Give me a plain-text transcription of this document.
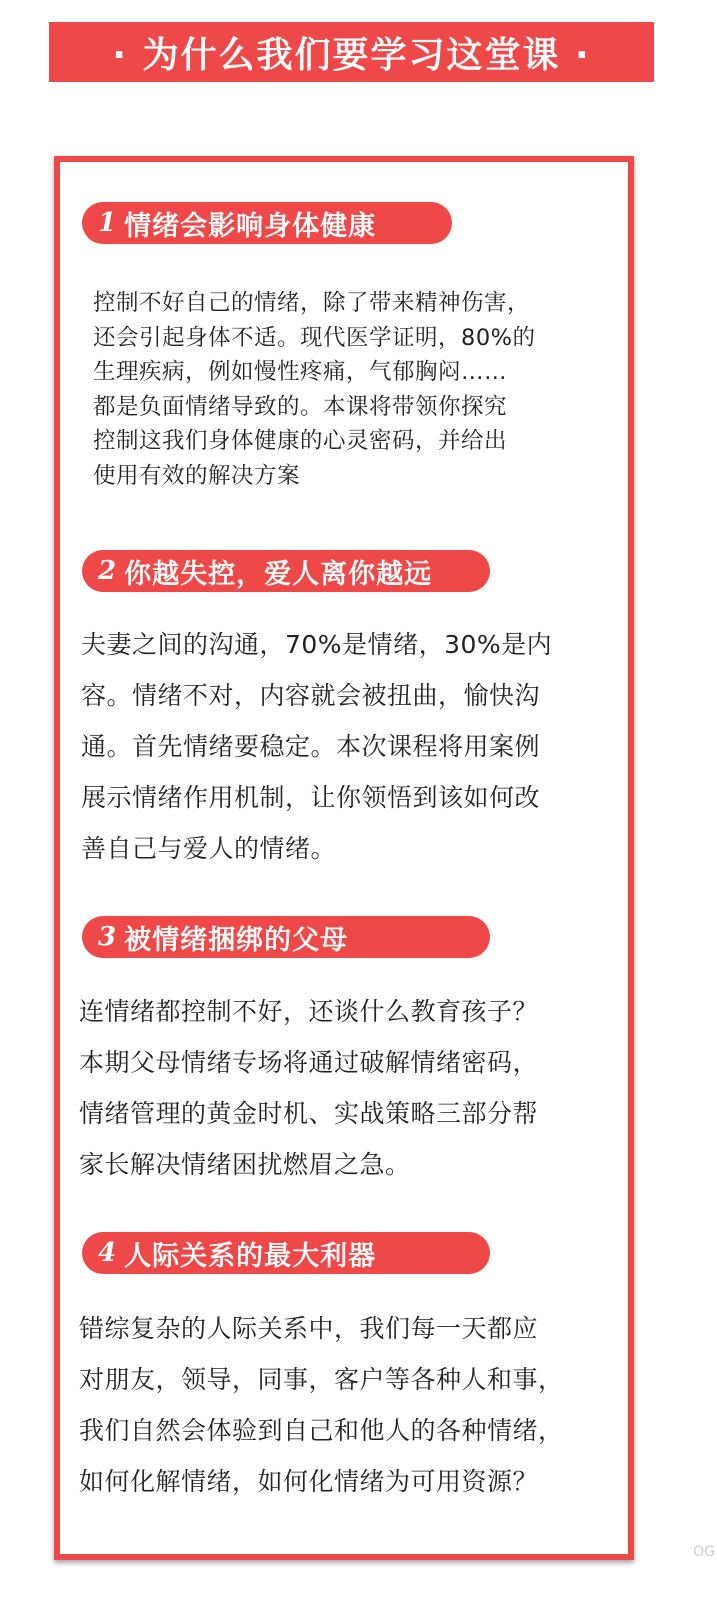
· 为什么我们要学习这堂课 ·
1 情绪会影响身体健康
控制不好自己的情绪，除了带来精神伤害，
还会引起身体不适。现代医学证明，80%的
生理疾病，例如慢性疼痛，气郁胸闷……
都是负面情绪导致的。本课将带领你探究
控制这我们身体健康的心灵密码，并给出
使用有效的解决方案
2 你越失控，爱人离你越远
夫妻之间的沟通，70%是情绪，30%是内
容。情绪不对，内容就会被扭曲，愉快沟
通。首先情绪要稳定。本次课程将用案例
展示情绪作用机制，让你领悟到该如何改
善自己与爱人的情绪。
3 被情绪捆绑的父母
连情绪都控制不好，还谈什么教育孩子？
本期父母情绪专场将通过破解情绪密码，
情绪管理的黄金时机、实战策略三部分帮
家长解决情绪困扰燃眉之急。
4 人际关系的最大利器
错综复杂的人际关系中，我们每一天都应
对朋友，领导，同事，客户等各种人和事，
我们自然会体验到自己和他人的各种情绪，
如何化解情绪，如何化情绪为可用资源？
OG
